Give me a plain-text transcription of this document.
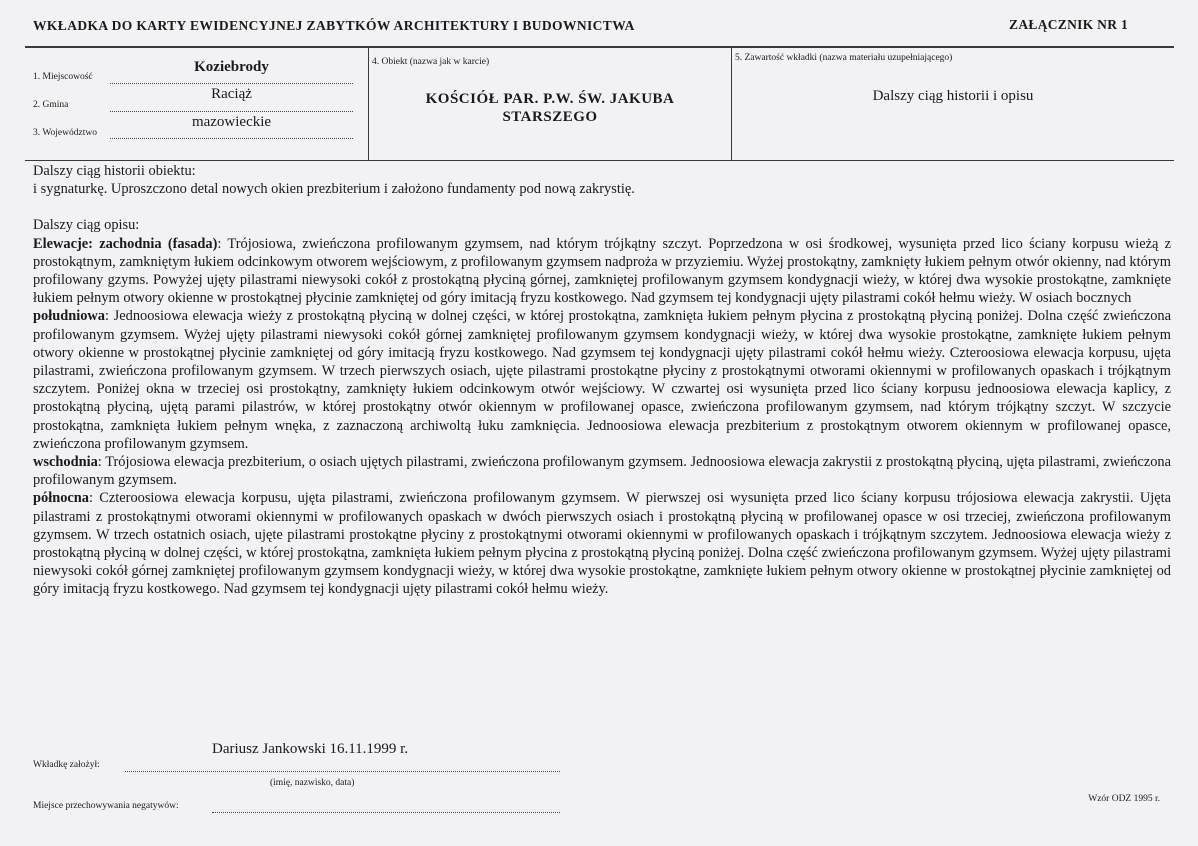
WKŁADKA DO KARTY EWIDENCYJNEJ ZABYTKÓW ARCHITEKTURY I BUDOWNICTWA	ZAŁĄCZNIK NR 1
1. Miejscowość
Koziebrody
2. Gmina
Raciąż
3. Województwo
mazowieckie
4. Obiekt (nazwa jak w karcie)
KOŚCIÓŁ PAR. P.W. ŚW. JAKUBA
STARSZEGO
5. Zawartość wkładki (nazwa materiału uzupełniającego)
Dalszy ciąg historii i opisu

Dalszy ciąg historii obiektu:

i sygnaturkę. Uproszczono detal nowych okien prezbiterium i założono fundamenty pod nową zakrystię.

Dalszy ciąg opisu:

Elewacje: zachodnia (fasada): Trójosiowa, zwieńczona profilowanym gzymsem, nad którym trójkątny szczyt. Poprzedzona w osi środkowej, wysunięta przed lico ściany korpusu wieżą z prostokątnym, zamkniętym łukiem odcinkowym otworem wejściowym, z profilowanym gzymsem nadproża w przyziemiu. Wyżej prostokątny, zamknięty łukiem pełnym otwór okienny, nad którym profilowany gzyms. Powyżej ujęty pilastrami niewysoki cokół z prostokątną płyciną górnej, zamkniętej profilowanym gzymsem kondygnacji wieży, w której dwa wysokie prostokątne, zamknięte łukiem pełnym otwory okienne w prostokątnej płycinie zamkniętej od góry imitacją fryzu kostkowego. Nad gzymsem tej kondygnacji ujęty pilastrami cokół hełmu wieży. W osiach bocznych

południowa: Jednoosiowa elewacja wieży z prostokątną płyciną w dolnej części, w której prostokątna, zamknięta łukiem pełnym płycina z prostokątną płyciną poniżej. Dolna część zwieńczona profilowanym gzymsem. Wyżej ujęty pilastrami niewysoki cokół górnej zamkniętej profilowanym gzymsem kondygnacji wieży, w której dwa wysokie prostokątne, zamknięte łukiem pełnym otwory okienne w prostokątnej płycinie zamkniętej od góry imitacją fryzu kostkowego. Nad gzymsem tej kondygnacji ujęty pilastrami cokół hełmu wieży. Czteroosiowa elewacja korpusu, ujęta pilastrami, zwieńczona profilowanym gzymsem. W trzech pierwszych osiach, ujęte pilastrami prostokątne płyciny z prostokątnymi otworami okiennymi w profilowanych opaskach i trójkątnym szczytem. Poniżej okna w trzeciej osi prostokątny, zamknięty łukiem odcinkowym otwór wejściowy. W czwartej osi wysunięta przed lico ściany korpusu jednoosiowa elewacja kaplicy, z prostokątną płyciną, ujętą parami pilastrów, w której prostokątny otwór okiennym w profilowanej opasce, zwieńczona profilowanym gzymsem, nad którym trójkątny szczyt. W szczycie prostokątna, zamknięta łukiem pełnym wnęka, z zaznaczoną archiwoltą łuku zamknięcia. Jednoosiowa elewacja prezbiterium z prostokątnym otworem okiennym w profilowanej opasce, zwieńczona profilowanym gzymsem.

wschodnia: Trójosiowa elewacja prezbiterium, o osiach ujętych pilastrami, zwieńczona profilowanym gzymsem. Jednoosiowa elewacja zakrystii z prostokątną płyciną, ujęta pilastrami, zwieńczona profilowanym gzymsem.

północna: Czteroosiowa elewacja korpusu, ujęta pilastrami, zwieńczona profilowanym gzymsem. W pierwszej osi wysunięta przed lico ściany korpusu trójosiowa elewacja zakrystii. Ujęta pilastrami z prostokątnymi otworami okiennymi w profilowanych opaskach w dwóch pierwszych osiach i prostokątną płyciną w profilowanej opasce w osi trzeciej, zwieńczona profilowanym gzymsem. W trzech ostatnich osiach, ujęte pilastrami prostokątne płyciny z prostokątnymi otworami okiennymi w profilowanych opaskach i trójkątnym szczytem. Jednoosiowa elewacja wieży z prostokątną płyciną w dolnej części, w której prostokątna, zamknięta łukiem pełnym płycina z prostokątną płyciną poniżej. Dolna część zwieńczona profilowanym gzymsem. Wyżej ujęty pilastrami niewysoki cokół górnej zamkniętej profilowanym gzymsem kondygnacji wieży, w której dwa wysokie prostokątne, zamknięte łukiem pełnym otwory okienne w prostokątnej płycinie zamkniętej od góry imitacją fryzu kostkowego. Nad gzymsem tej kondygnacji ujęty pilastrami cokół hełmu wieży.

Wkładkę założył:
Dariusz Jankowski 16.11.1999 r.
(imię, nazwisko, data)
Miejsce przechowywania negatywów:
Wzór ODZ 1995 r.
